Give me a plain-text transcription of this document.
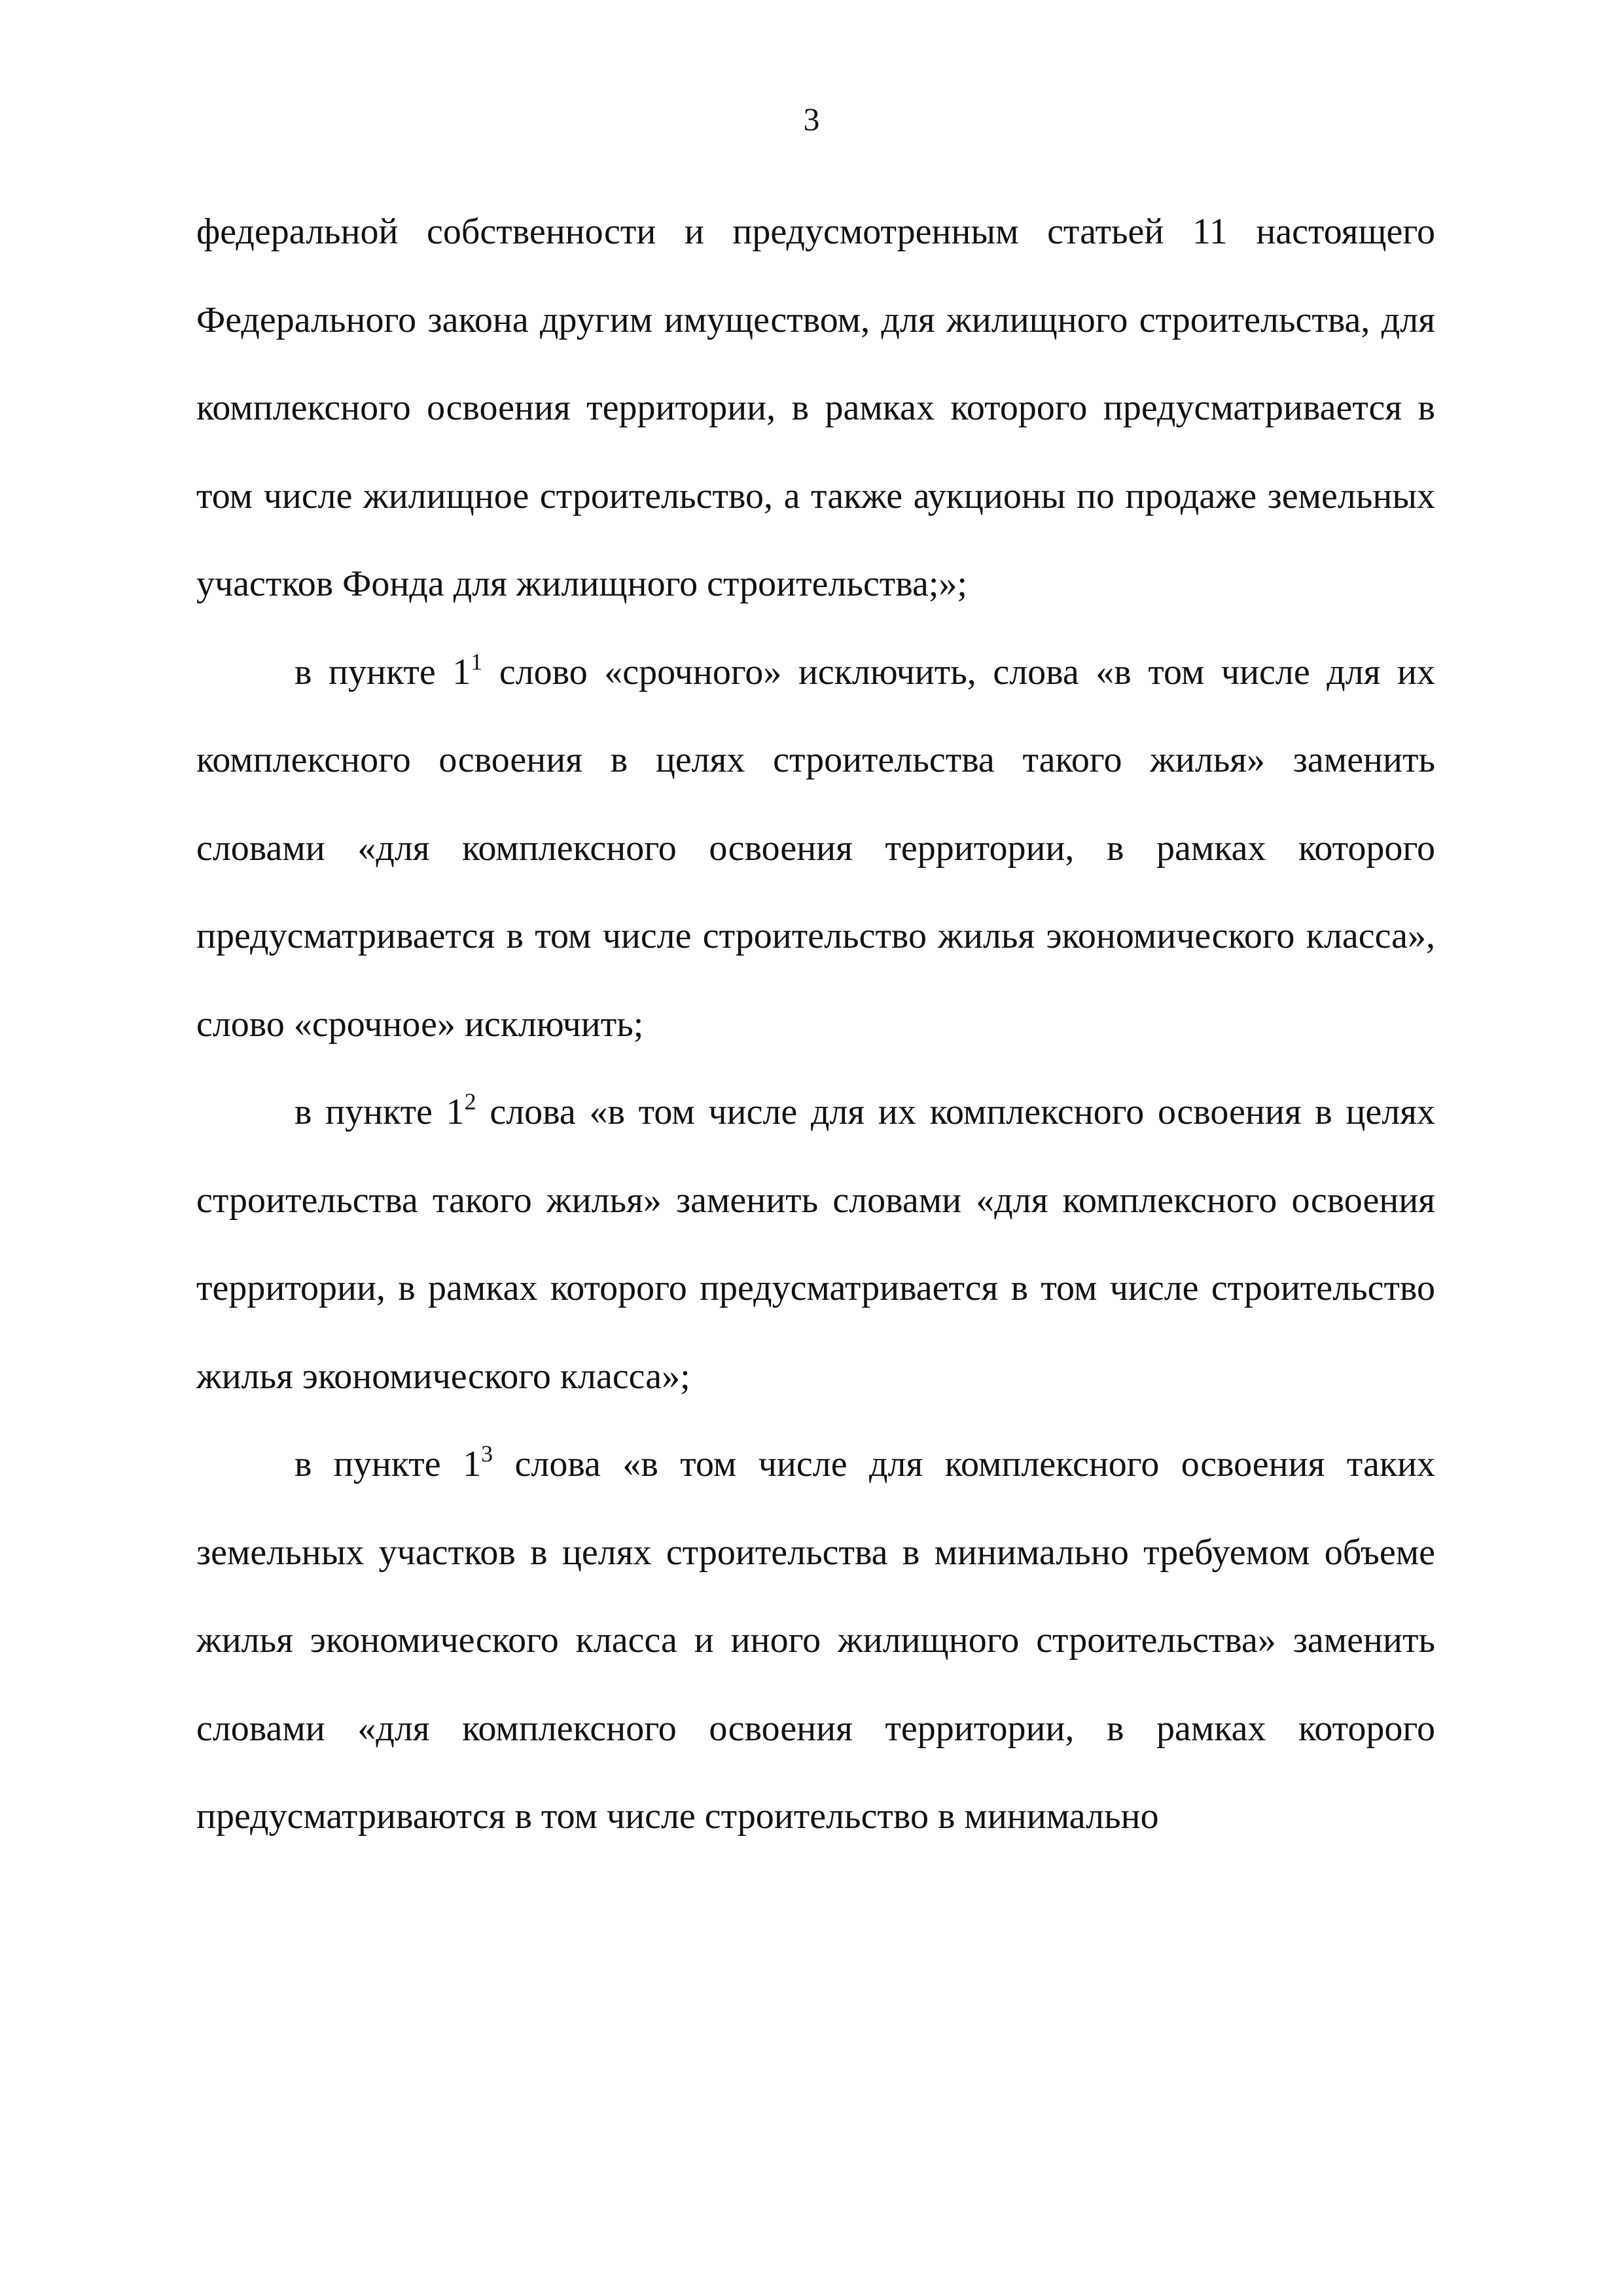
3

федеральной собственности и предусмотренным статьей 11 настоящего Федерального закона другим имуществом, для жилищного строительства, для комплексного освоения территории, в рамках которого предусматривается в том числе жилищное строительство, а также аукционы по продаже земельных участков Фонда для жилищного строительства;»;

в пункте $1^1$ слово «срочного» исключить, слова «в том числе для их комплексного освоения в целях строительства такого жилья» заменить словами «для комплексного освоения территории, в рамках которого предусматривается в том числе строительство жилья экономического класса», слово «срочное» исключить;

в пункте $1^2$ слова «в том числе для их комплексного освоения в целях строительства такого жилья» заменить словами «для комплексного освоения территории, в рамках которого предусматривается в том числе строительство жилья экономического класса»;

в пункте $1^3$ слова «в том числе для комплексного освоения таких земельных участков в целях строительства в минимально требуемом объеме жилья экономического класса и иного жилищного строительства» заменить словами «для комплексного освоения территории, в рамках которого предусматриваются в том числе строительство в минимально
